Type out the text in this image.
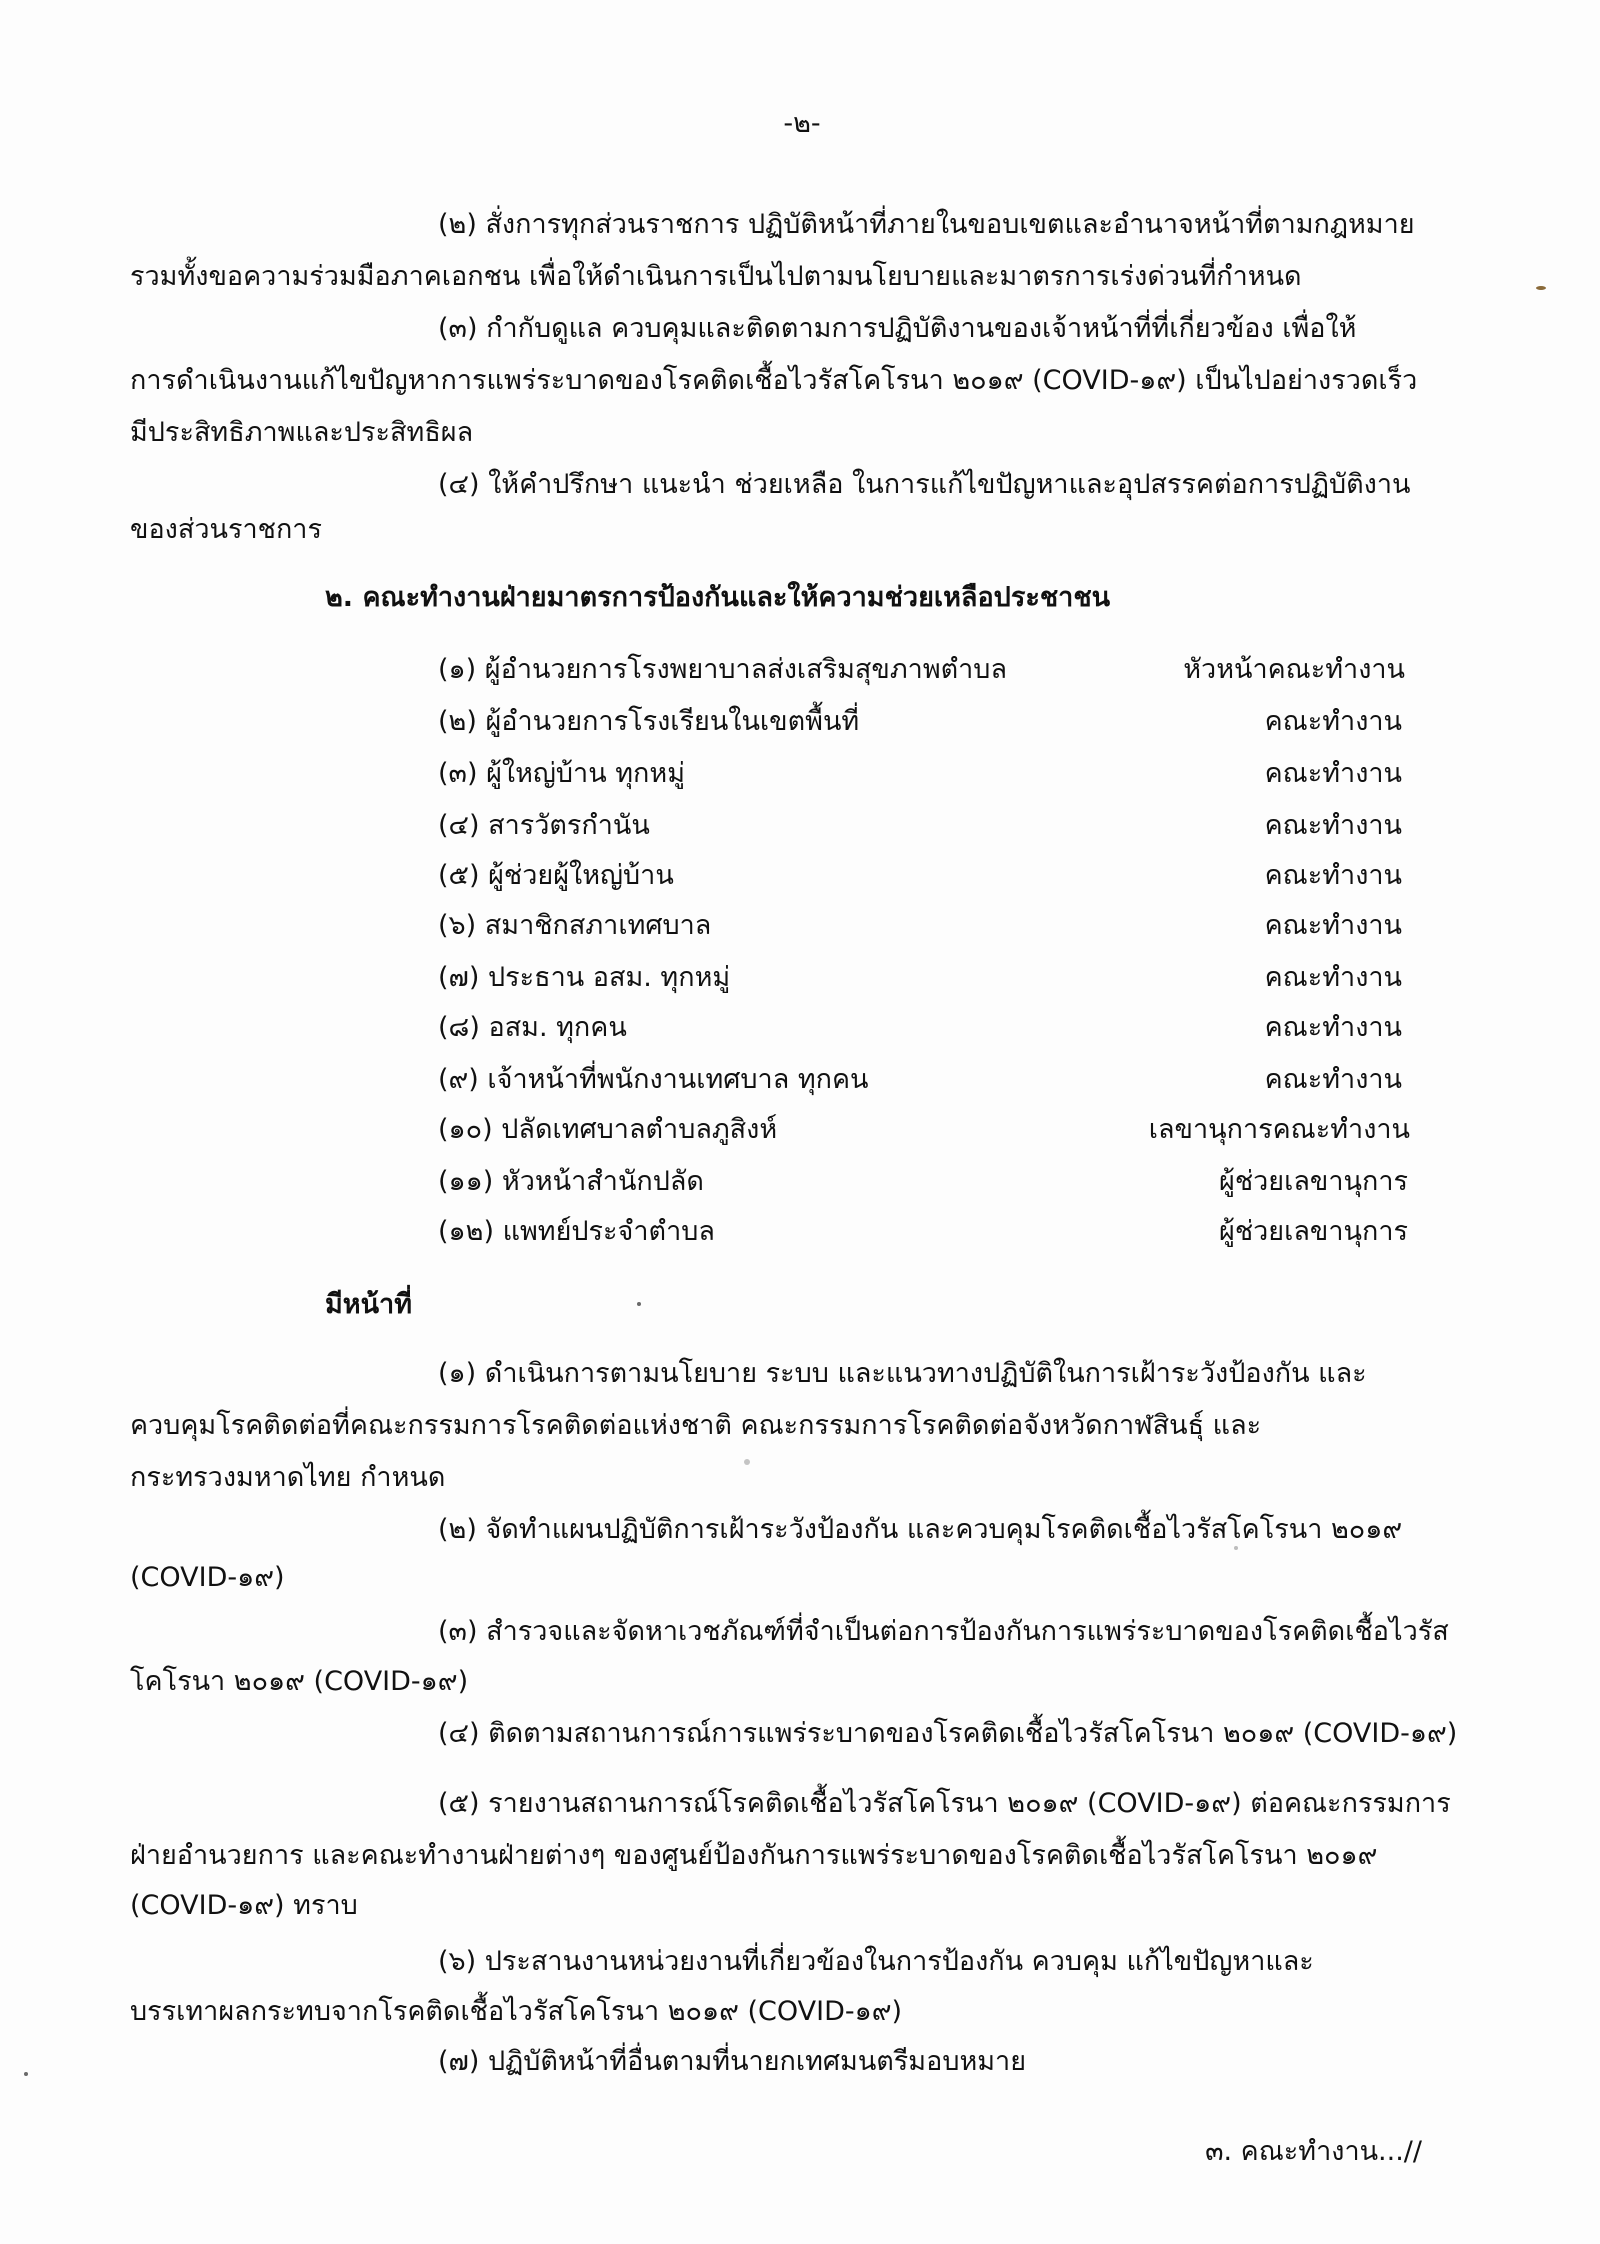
-๒-
(๒) สั่งการทุกส่วนราชการ ปฏิบัติหน้าที่ภายในขอบเขตและอำนาจหน้าที่ตามกฎหมาย
รวมทั้งขอความร่วมมือภาคเอกชน เพื่อให้ดำเนินการเป็นไปตามนโยบายและมาตรการเร่งด่วนที่กำหนด
(๓) กำกับดูแล ควบคุมและติดตามการปฏิบัติงานของเจ้าหน้าที่ที่เกี่ยวข้อง เพื่อให้
การดำเนินงานแก้ไขปัญหาการแพร่ระบาดของโรคติดเชื้อไวรัสโคโรนา ๒๐๑๙ (COVID-๑๙) เป็นไปอย่างรวดเร็ว
มีประสิทธิภาพและประสิทธิผล
(๔) ให้คำปรึกษา แนะนำ ช่วยเหลือ ในการแก้ไขปัญหาและอุปสรรคต่อการปฏิบัติงาน
ของส่วนราชการ
๒. คณะทำงานฝ่ายมาตรการป้องกันและให้ความช่วยเหลือประชาชน
(๑) ผู้อำนวยการโรงพยาบาลส่งเสริมสุขภาพตำบล	หัวหน้าคณะทำงาน
(๒) ผู้อำนวยการโรงเรียนในเขตพื้นที่	คณะทำงาน
(๓) ผู้ใหญ่บ้าน ทุกหมู่	คณะทำงาน
(๔) สารวัตรกำนัน	คณะทำงาน
(๕) ผู้ช่วยผู้ใหญ่บ้าน	คณะทำงาน
(๖) สมาชิกสภาเทศบาล	คณะทำงาน
(๗) ประธาน อสม. ทุกหมู่	คณะทำงาน
(๘) อสม. ทุกคน	คณะทำงาน
(๙) เจ้าหน้าที่พนักงานเทศบาล ทุกคน	คณะทำงาน
(๑๐) ปลัดเทศบาลตำบลภูสิงห์	เลขานุการคณะทำงาน
(๑๑) หัวหน้าสำนักปลัด	ผู้ช่วยเลขานุการ
(๑๒) แพทย์ประจำตำบล	ผู้ช่วยเลขานุการ
มีหน้าที่
(๑) ดำเนินการตามนโยบาย ระบบ และแนวทางปฏิบัติในการเฝ้าระวังป้องกัน และ
ควบคุมโรคติดต่อที่คณะกรรมการโรคติดต่อแห่งชาติ คณะกรรมการโรคติดต่อจังหวัดกาฬสินธุ์ และ
กระทรวงมหาดไทย กำหนด
(๒) จัดทำแผนปฏิบัติการเฝ้าระวังป้องกัน และควบคุมโรคติดเชื้อไวรัสโคโรนา ๒๐๑๙
(COVID-๑๙)
(๓) สำรวจและจัดหาเวชภัณฑ์ที่จำเป็นต่อการป้องกันการแพร่ระบาดของโรคติดเชื้อไวรัส
โคโรนา ๒๐๑๙ (COVID-๑๙)
(๔) ติดตามสถานการณ์การแพร่ระบาดของโรคติดเชื้อไวรัสโคโรนา ๒๐๑๙ (COVID-๑๙)
(๕) รายงานสถานการณ์โรคติดเชื้อไวรัสโคโรนา ๒๐๑๙ (COVID-๑๙) ต่อคณะกรรมการ
ฝ่ายอำนวยการ และคณะทำงานฝ่ายต่างๆ ของศูนย์ป้องกันการแพร่ระบาดของโรคติดเชื้อไวรัสโคโรนา ๒๐๑๙
(COVID-๑๙) ทราบ
(๖) ประสานงานหน่วยงานที่เกี่ยวข้องในการป้องกัน ควบคุม แก้ไขปัญหาและ
บรรเทาผลกระทบจากโรคติดเชื้อไวรัสโคโรนา ๒๐๑๙ (COVID-๑๙)
(๗) ปฏิบัติหน้าที่อื่นตามที่นายกเทศมนตรีมอบหมาย
๓. คณะทำงาน...//
